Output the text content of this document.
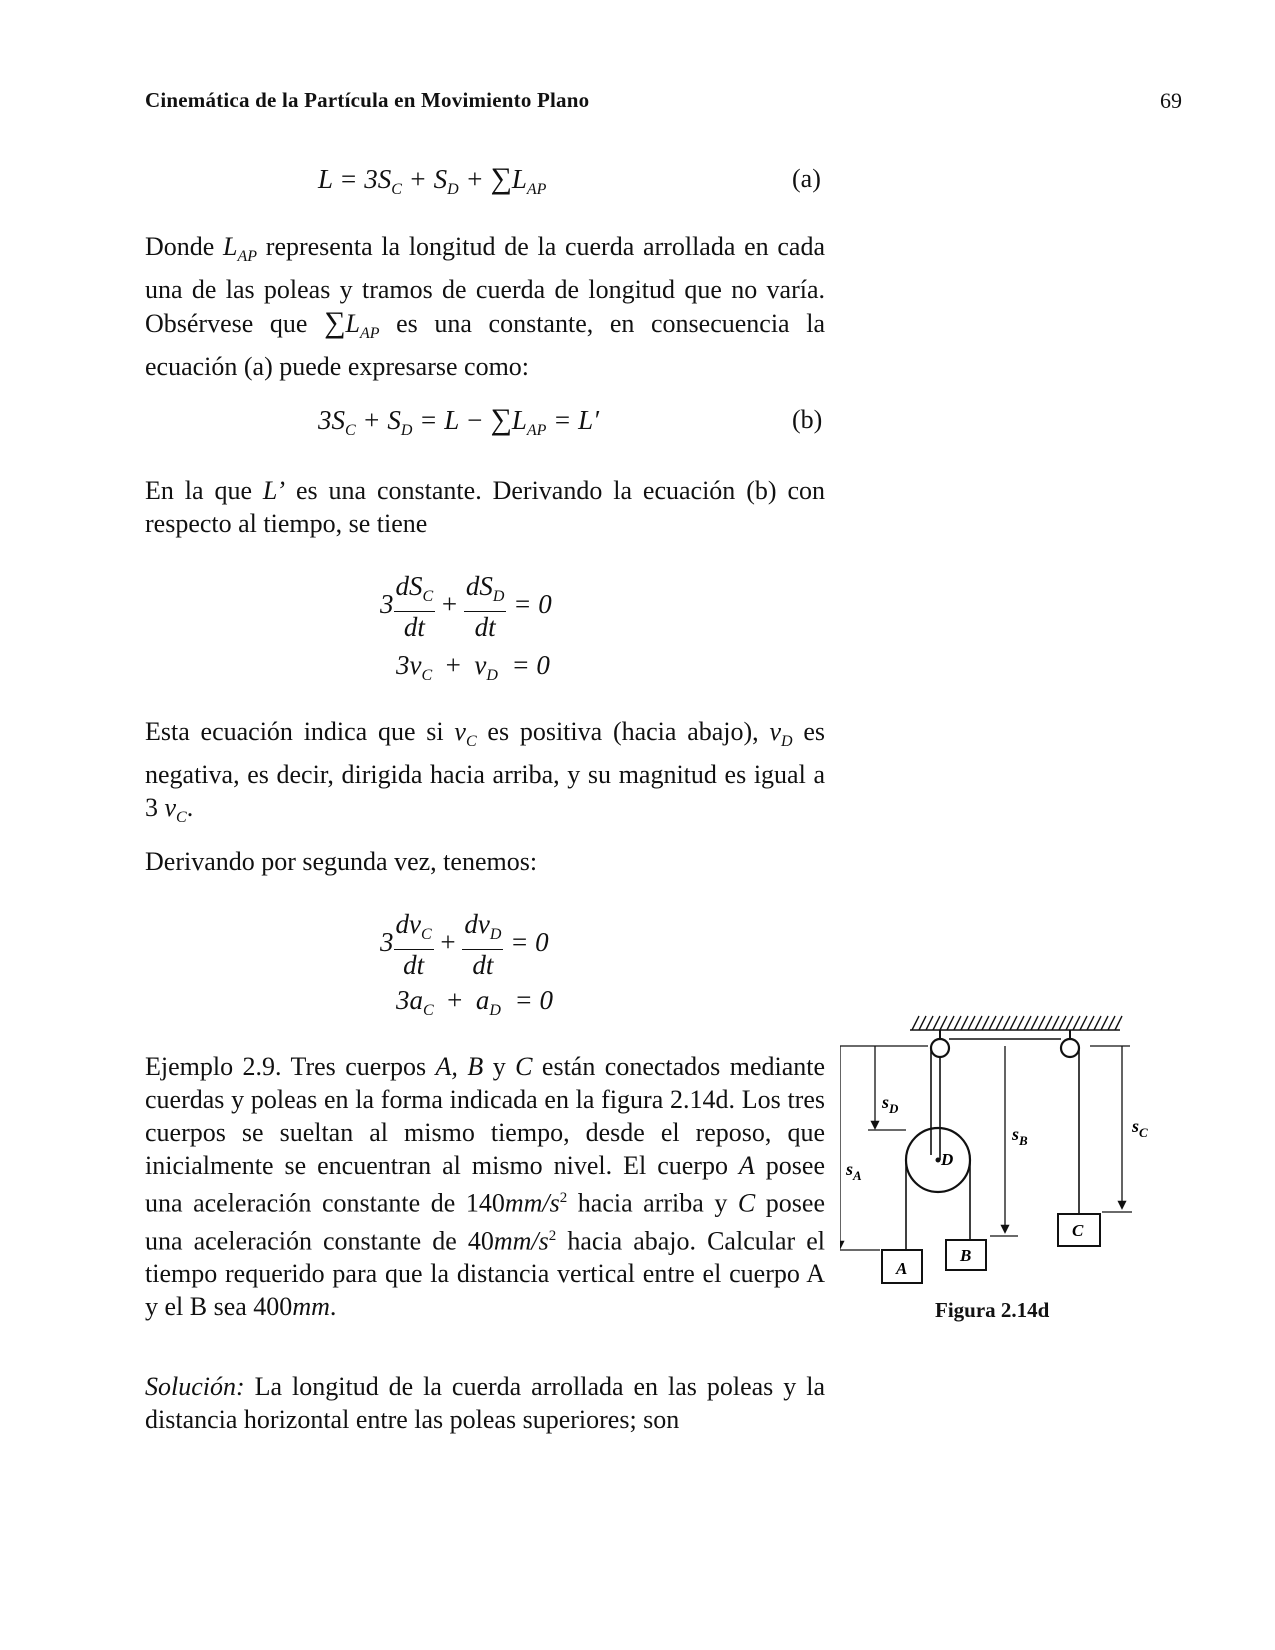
Cinemática de la Partícula en Movimiento Plano	69
$L = 3S_C + S_D + \sum L_{AP}$	(a)
Donde $L_{AP}$ representa la longitud de la cuerda arrollada en cada una de las poleas y tramos de cuerda de longitud que no varía. Obsérvese que $\sum L_{AP}$ es una constante, en consecuencia la ecuación (a) puede expresarse como:
$3S_C + S_D = L - \sum L_{AP} = L'$	(b)
En la que L’ es una constante. Derivando la ecuación (b) con respecto al tiempo, se tiene
$3 \frac{dS_C}{dt} + \frac{dS_D}{dt} = 0$
$3v_C + v_D = 0$
Esta ecuación indica que si $v_C$ es positiva (hacia abajo), $v_D$ es negativa, es decir, dirigida hacia arriba, y su magnitud es igual a 3 $v_C$.
Derivando por segunda vez, tenemos:
$3 \frac{dv_C}{dt} + \frac{dv_D}{dt} = 0$
$3a_C + a_D = 0$
Ejemplo 2.9. Tres cuerpos A, B y C están conectados mediante cuerdas y poleas en la forma indicada en la figura 2.14d. Los tres cuerpos se sueltan al mismo tiempo, desde el reposo, que inicialmente se encuentran al mismo nivel. El cuerpo A posee una aceleración constante de $140mm/s^2$ hacia arriba y C posee una aceleración constante de $40mm/s^2$ hacia abajo. Calcular el tiempo requerido para que la distancia vertical entre el cuerpo A y el B sea 400mm.
Solución: La longitud de la cuerda arrollada en las poleas y la distancia horizontal entre las poleas superiores; son
$s_D$
$s_A$
$s_B$
$s_C$
D
A
B
C
Figura 2.14d
